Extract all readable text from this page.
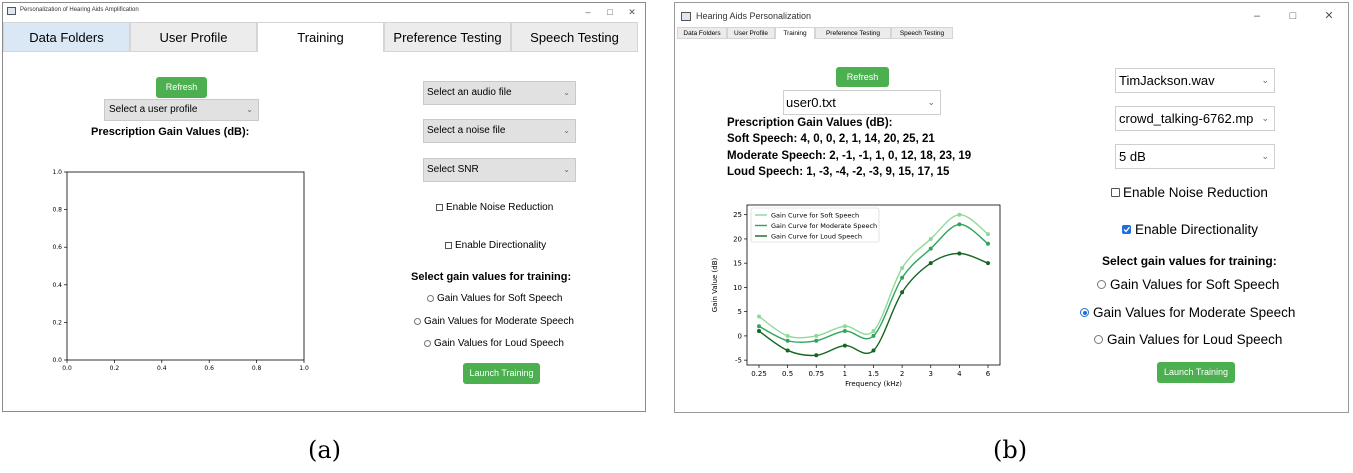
Personalization of Hearing Aids Amplification	–	□	✕
Data Folders	User Profile	Training	Preference Testing	Speech Testing
Refresh
Select a user profile	⌄
Prescription Gain Values (dB):
0.0	0.2	0.4	0.6	0.8	1.0
0.0
0.2
0.4
0.6
0.8
1.0
Select an audio file	⌄
Select a noise file	⌄
Select SNR	⌄
Enable Noise Reduction
Enable Directionality
Select gain values for training:
Gain Values for Soft Speech
Gain Values for Moderate Speech
Gain Values for Loud Speech
Launch Training
Hearing Aids Personalization	–	□	✕
Data Folders	User Profile	Training	Preference Testing	Speech Testing
Refresh
user0.txt	⌄
Prescription Gain Values (dB):
Soft Speech: 4, 0, 0, 2, 1, 14, 20, 25, 21
Moderate Speech: 2, -1, -1, 1, 0, 12, 18, 23, 19
Loud Speech: 1, -3, -4, -2, -3, 9, 15, 17, 15
0.25 0.5 0.75	1	1.5	2	3	4	6
-5
0
5
10
15
20
25
Frequency (kHz)
Gain Value (dB)
Gain Curve for Soft Speech
Gain Curve for Moderate Speech
Gain Curve for Loud Speech
TimJackson.wav	⌄
crowd_talking-6762.mp ⌄
5 dB	⌄
Enable Noise Reduction
Enable Directionality
Select gain values for training:
Gain Values for Soft Speech
Gain Values for Moderate Speech
Gain Values for Loud Speech
Launch Training
(a)	(b)
